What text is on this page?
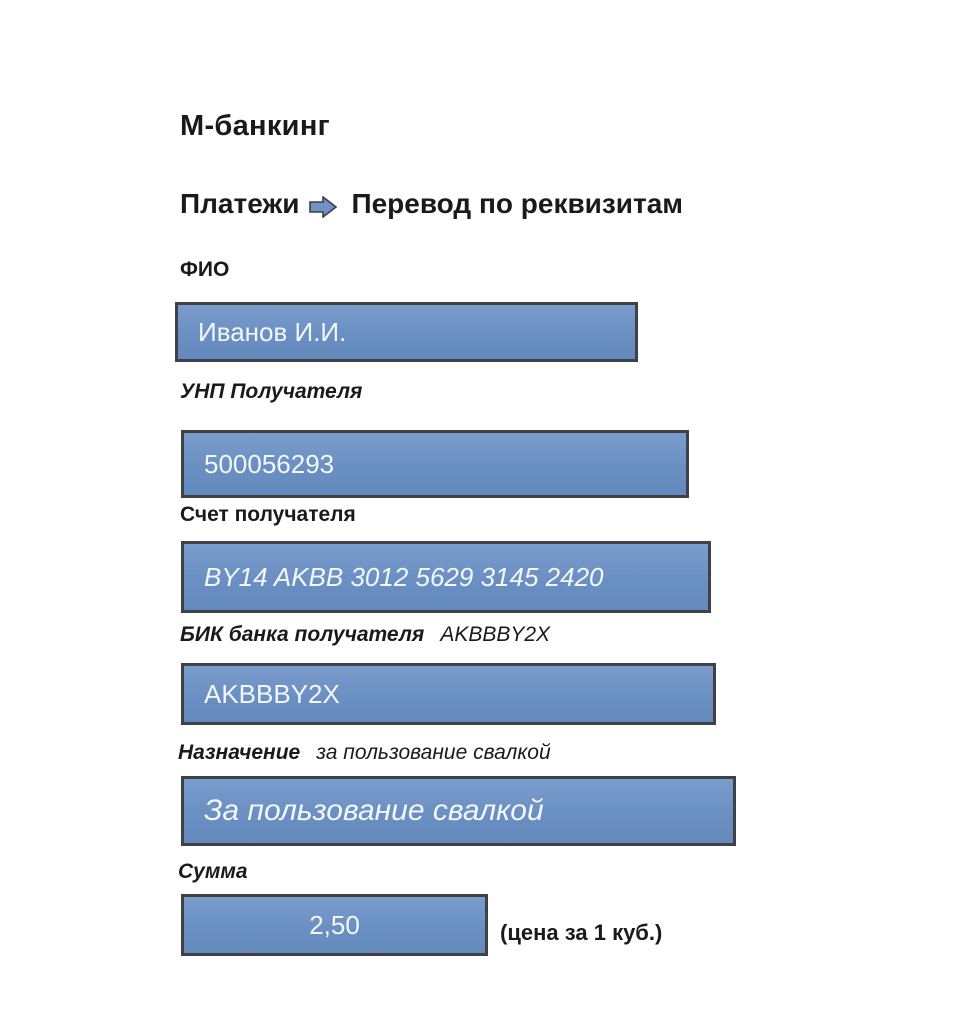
М-банкинг
Платежи Перевод по реквизитам
ФИО
Иванов И.И.
УНП Получателя
500056293
Счет получателя
BY14 AKBB 3012 5629 3145 2420
БИК банка получателя AKBBBY2X
AKBBBY2X
Назначение за пользование свалкой
За пользование свалкой
Сумма
2,50	(цена за 1 куб.)
